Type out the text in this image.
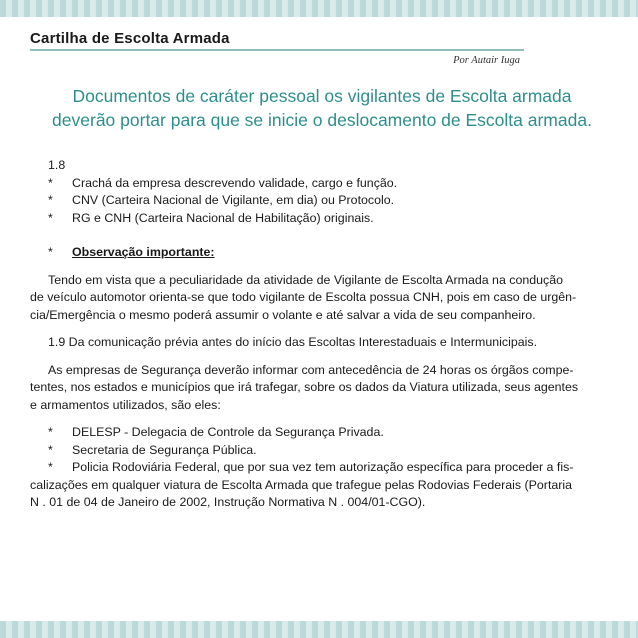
Cartilha de Escolta Armada
Por Autair Iuga
Documentos de caráter pessoal os vigilantes de Escolta armada
deverão portar para que se inicie o deslocamento de Escolta armada.
1.8
*	Crachá da empresa descrevendo validade, cargo e função.
*	CNV (Carteira Nacional de Vigilante, em dia) ou Protocolo.
*	RG e CNH (Carteira Nacional de Habilitação) originais.
*	Observação importante:
Tendo em vista que a peculiaridade da atividade de Vigilante de Escolta Armada na condução
de veículo automotor orienta-se que todo vigilante de Escolta possua CNH, pois em caso de urgên-
cia/Emergência o mesmo poderá assumir o volante e até salvar a vida de seu companheiro.
1.9 Da comunicação prévia antes do início das Escoltas Interestaduais e Intermunicipais.
As empresas de Segurança deverão informar com antecedência de 24 horas os órgãos compe-
tentes, nos estados e municípios que irá trafegar, sobre os dados da Viatura utilizada, seus agentes
e armamentos utilizados, são eles:
*	DELESP - Delegacia de Controle da Segurança Privada.
*	Secretaria de Segurança Pública.
*	Policia Rodoviária Federal, que por sua vez tem autorização específica para proceder a fis-
calizações em qualquer viatura de Escolta Armada que trafegue pelas Rodovias Federais (Portaria
N . 01 de 04 de Janeiro de 2002, Instrução Normativa N . 004/01-CGO).
